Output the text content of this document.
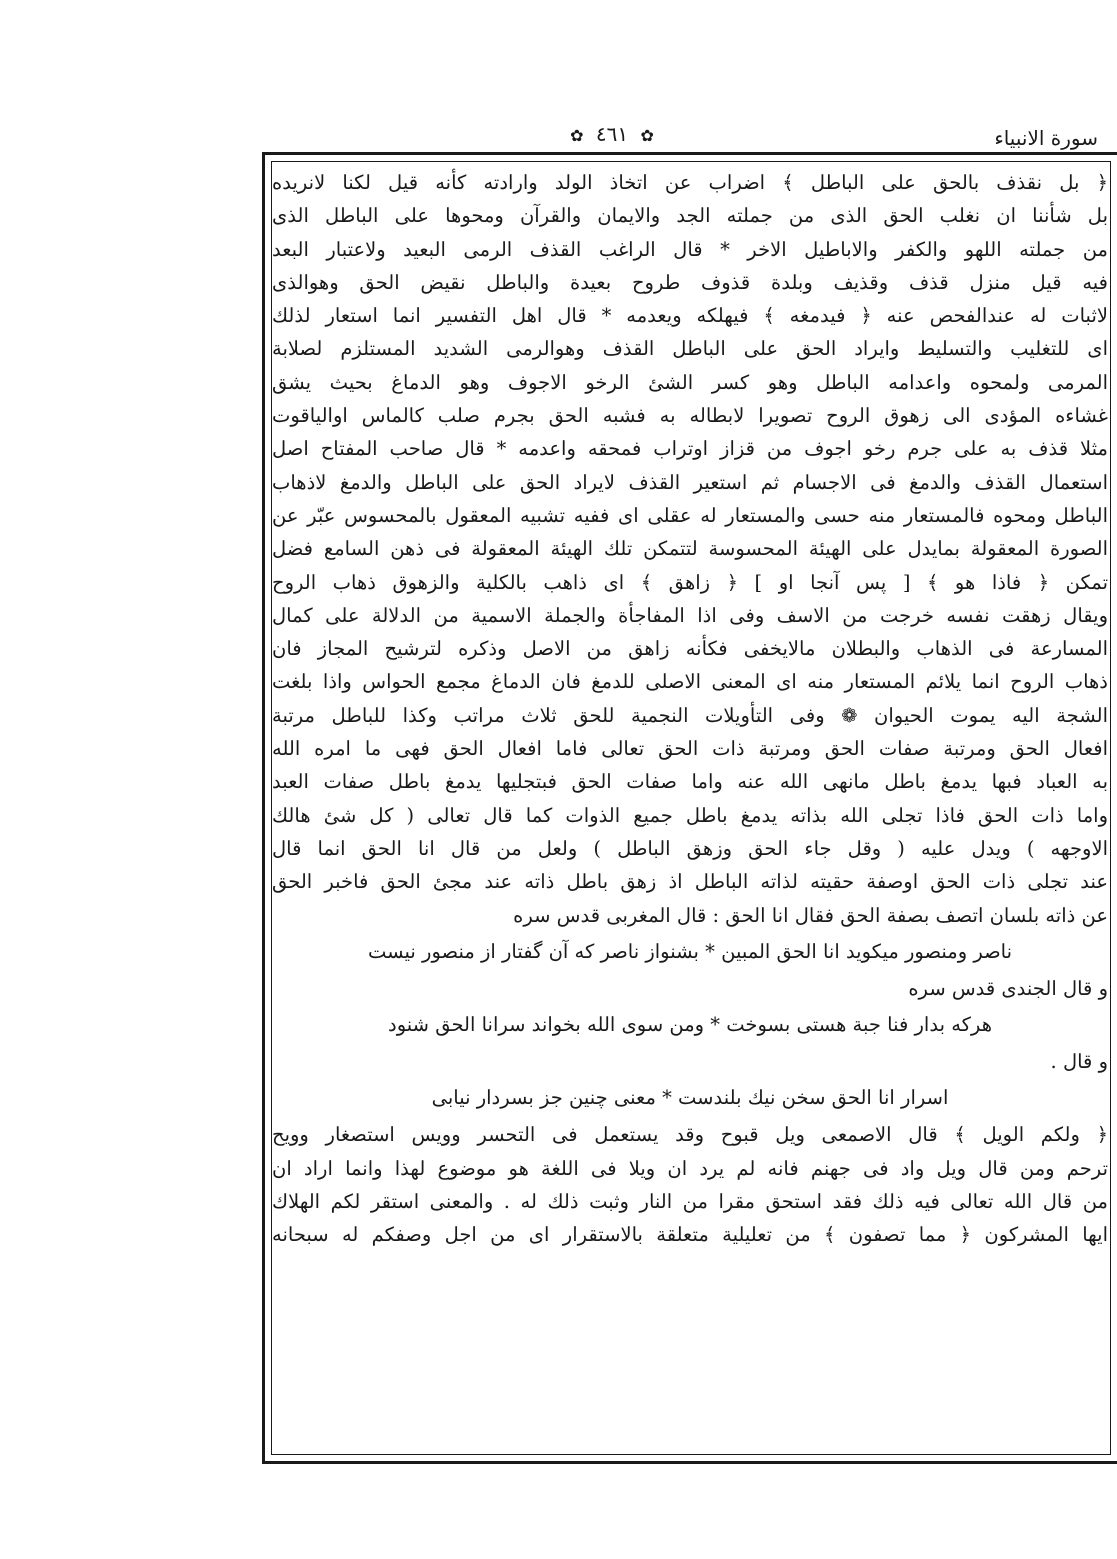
سورة الانبياء
✿ ٤٦١ ✿
﴿ بل نقذف بالحق على الباطل ﴾ اضراب عن اتخاذ الولد وارادته كأنه قيل لكنا لانريده
بل شأننا ان نغلب الحق الذى من جملته الجد والايمان والقرآن ومحوها على الباطل الذى
من جملته اللهو والكفر والاباطيل الاخر * قال الراغب القذف الرمى البعيد ولاعتبار البعد
فيه قيل منزل قذف وقذيف وبلدة قذوف طروح بعيدة والباطل نقيض الحق وهوالذى
لاثبات له عندالفحص عنه ﴿ فيدمغه ﴾ فيهلكه ويعدمه * قال اهل التفسير انما استعار لذلك
اى للتغليب والتسليط وايراد الحق على الباطل القذف وهوالرمى الشديد المستلزم لصلابة
المرمى ولمحوه واعدامه الباطل وهو كسر الشئ الرخو الاجوف وهو الدماغ بحيث يشق
غشاءه المؤدى الى زهوق الروح تصويرا لابطاله به فشبه الحق بجرم صلب كالماس اوالياقوت
مثلا قذف به على جرم رخو اجوف من قزاز اوتراب فمحقه واعدمه * قال صاحب المفتاح اصل
استعمال القذف والدمغ فى الاجسام ثم استعير القذف لايراد الحق على الباطل والدمغ لاذهاب
الباطل ومحوه فالمستعار منه حسى والمستعار له عقلى اى ففيه تشبيه المعقول بالمحسوس عبّر عن
الصورة المعقولة بمايدل على الهيئة المحسوسة لتتمكن تلك الهيئة المعقولة فى ذهن السامع فضل
تمكن ﴿ فاذا هو ﴾ [ پس آنجا او ] ﴿ زاهق ﴾ اى ذاهب بالكلية والزهوق ذهاب الروح
ويقال زهقت نفسه خرجت من الاسف وفى اذا المفاجأة والجملة الاسمية من الدلالة على كمال
المسارعة فى الذهاب والبطلان مالايخفى فكأنه زاهق من الاصل وذكره لترشيح المجاز فان
ذهاب الروح انما يلائم المستعار منه اى المعنى الاصلى للدمغ فان الدماغ مجمع الحواس واذا بلغت
الشجة اليه يموت الحيوان ❁ وفى التأويلات النجمية للحق ثلاث مراتب وكذا للباطل مرتبة
افعال الحق ومرتبة صفات الحق ومرتبة ذات الحق تعالى فاما افعال الحق فهى ما امره الله
به العباد فبها يدمغ باطل مانهى الله عنه واما صفات الحق فبتجليها يدمغ باطل صفات العبد
واما ذات الحق فاذا تجلى الله بذاته يدمغ باطل جميع الذوات كما قال تعالى ( كل شئ هالك
الاوجهه ) ويدل عليه ( وقل جاء الحق وزهق الباطل ) ولعل من قال انا الحق انما قال
عند تجلى ذات الحق اوصفة حقيته لذاته الباطل اذ زهق باطل ذاته عند مجئ الحق فاخبر الحق
عن ذاته بلسان اتصف بصفة الحق فقال انا الحق : قال المغربى قدس سره
ناصر ومنصور ميكويد انا الحق المبين * بشنواز ناصر كه آن گفتار از منصور نيست
و قال الجندى قدس سره
هركه بدار فنا جبة هستى بسوخت * ومن سوى الله بخواند سرانا الحق شنود
و قال .
اسرار انا الحق سخن نيك بلندست * معنى چنين جز بسردار نيابى
﴿ ولكم الويل ﴾ قال الاصمعى ويل قبوح وقد يستعمل فى التحسر وويس استصغار وويح
ترحم ومن قال ويل واد فى جهنم فانه لم يرد ان ويلا فى اللغة هو موضوع لهذا وانما اراد ان
من قال الله تعالى فيه ذلك فقد استحق مقرا من النار وثبت ذلك له . والمعنى استقر لكم الهلاك
ايها المشركون ﴿ مما تصفون ﴾ من تعليلية متعلقة بالاستقرار اى من اجل وصفكم له سبحانه
